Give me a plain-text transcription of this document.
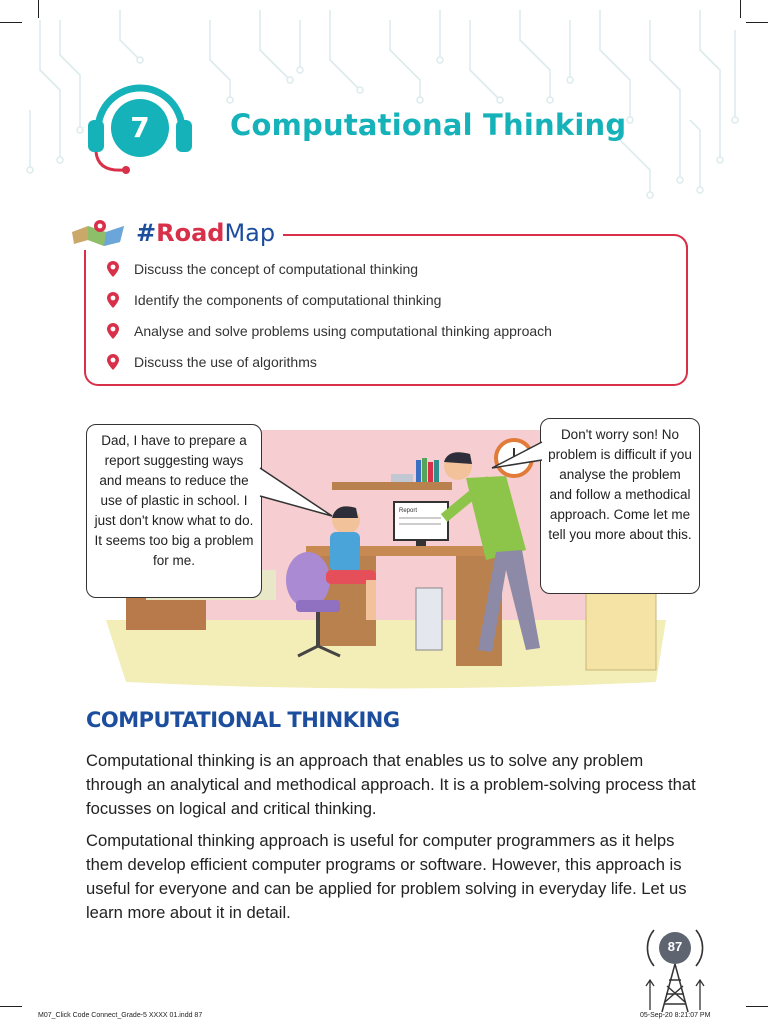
7	Computational Thinking
#RoadMap
Discuss the concept of computational thinking
Identify the components of computational thinking
Analyse and solve problems using computational thinking approach
Discuss the use of algorithms
Report
Dad, I have to prepare a report suggesting ways and means to reduce the use of plastic in school. I just don't know what to do. It seems too big a problem for me.
Don't worry son! No problem is difficult if you analyse the problem and follow a methodical approach. Come let me tell you more about this.
COMPUTATIONAL THINKING
Computational thinking is an approach that enables us to solve any problem through an analytical and methodical approach. It is a problem-solving process that focusses on logical and critical thinking.
Computational thinking approach is useful for computer programmers as it helps them develop efficient computer programs or software. However, this approach is useful for everyone and can be applied for problem solving in everyday life. Let us learn more about it in detail.
87
M07_Click Code Connect_Grade-5 XXXX 01.indd 87	05-Sep-20 8:21:07 PM
